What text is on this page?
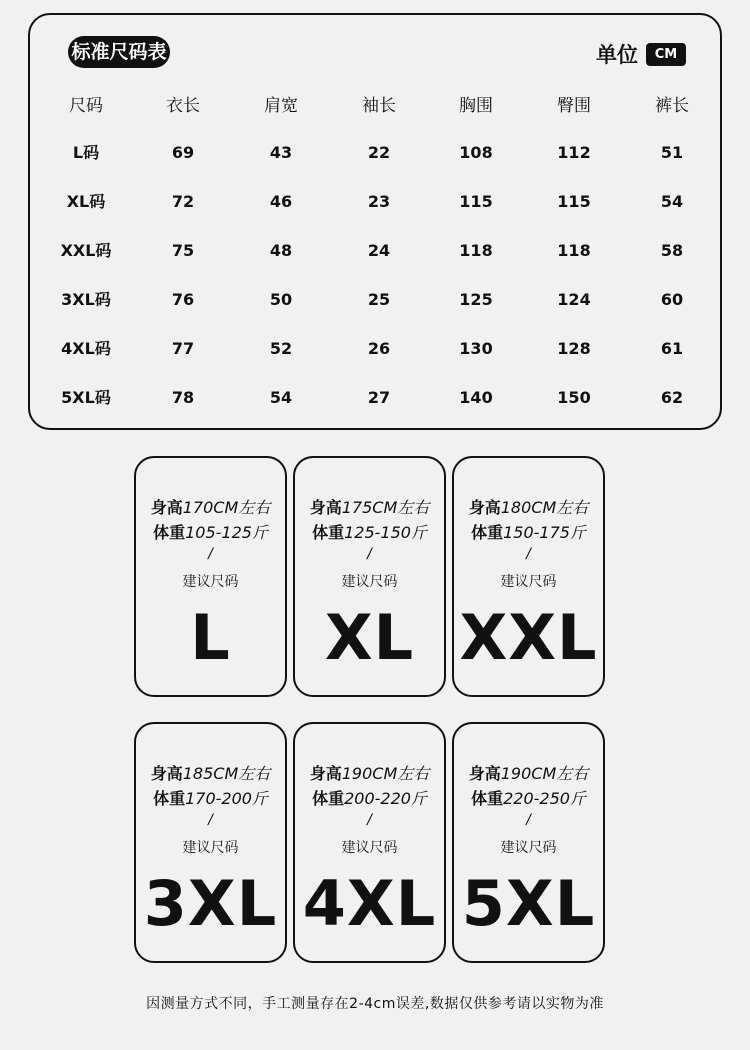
标准尺码表	单位	CM
尺码	衣长	肩宽	袖长	胸围	臀围	裤长
L码	69	43	22	108	112	51
XL码	72	46	23	115	115	54
XXL码	75	48	24	118	118	58
3XL码	76	50	25	125	124	60
4XL码	77	52	26	130	128	61
5XL码	78	54	27	140	150	62
身高170CM左右
体重105-125斤
/
建议尺码
L
身高175CM左右
体重125-150斤
/
建议尺码
XL
身高180CM左右
体重150-175斤
/
建议尺码
XXL
身高185CM左右
体重170-200斤
/
建议尺码
3XL
身高190CM左右
体重200-220斤
/
建议尺码
4XL
身高190CM左右
体重220-250斤
/
建议尺码
5XL
因测量方式不同，手工测量存在2-4cm误差,数据仅供参考请以实物为准
